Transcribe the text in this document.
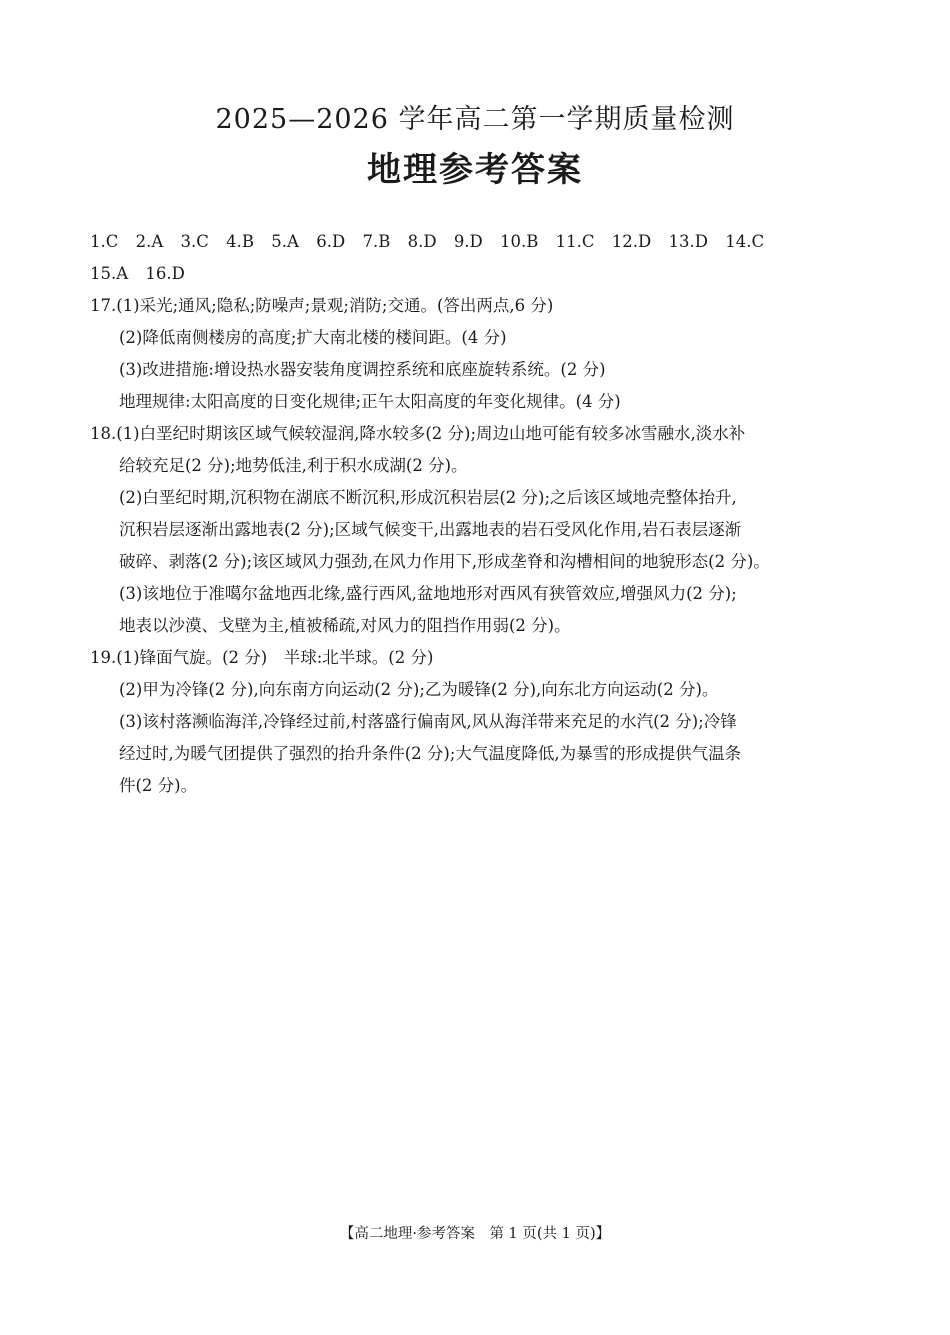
2025—2026 学年高二第一学期质量检测
地理参考答案
1.C 2.A 3.C 4.B 5.A 6.D 7.B 8.D 9.D 10.B 11.C 12.D 13.D 14.C
15.A 16.D
17.(1)采光;通风;隐私;防噪声;景观;消防;交通。(答出两点,6 分)
(2)降低南侧楼房的高度;扩大南北楼的楼间距。(4 分)
(3)改进措施:增设热水器安装角度调控系统和底座旋转系统。(2 分)
地理规律:太阳高度的日变化规律;正午太阳高度的年变化规律。(4 分)
18.(1)白垩纪时期该区域气候较湿润,降水较多(2 分);周边山地可能有较多冰雪融水,淡水补
给较充足(2 分);地势低洼,利于积水成湖(2 分)。
(2)白垩纪时期,沉积物在湖底不断沉积,形成沉积岩层(2 分);之后该区域地壳整体抬升,
沉积岩层逐渐出露地表(2 分);区域气候变干,出露地表的岩石受风化作用,岩石表层逐渐
破碎、剥落(2 分);该区域风力强劲,在风力作用下,形成垄脊和沟槽相间的地貌形态(2 分)。
(3)该地位于准噶尔盆地西北缘,盛行西风,盆地地形对西风有狭管效应,增强风力(2 分);
地表以沙漠、戈壁为主,植被稀疏,对风力的阻挡作用弱(2 分)。
19.(1)锋面气旋。(2 分)　半球:北半球。(2 分)
(2)甲为冷锋(2 分),向东南方向运动(2 分);乙为暖锋(2 分),向东北方向运动(2 分)。
(3)该村落濒临海洋,冷锋经过前,村落盛行偏南风,风从海洋带来充足的水汽(2 分);冷锋
经过时,为暖气团提供了强烈的抬升条件(2 分);大气温度降低,为暴雪的形成提供气温条
件(2 分)。
【高二地理·参考答案　第 1 页(共 1 页)】
